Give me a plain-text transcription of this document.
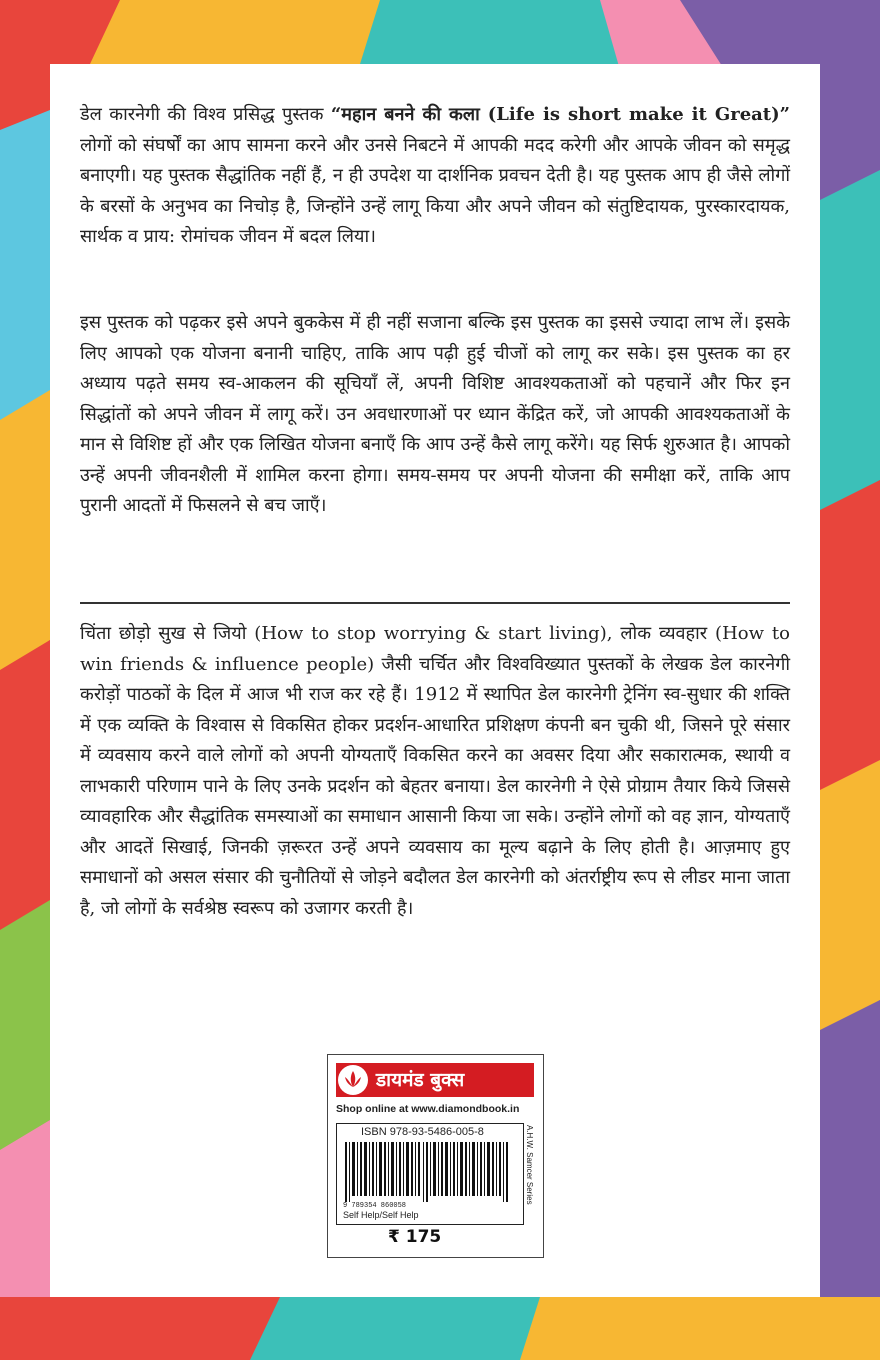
डेल कारनेगी की विश्व प्रसिद्ध पुस्तक “महान बनने की कला (Life is short make it Great)” लोगों को संघर्षों का आप सामना करने और उनसे निबटने में आपकी मदद करेगी और आपके जीवन को समृद्ध बनाएगी। यह पुस्तक सैद्धांतिक नहीं हैं, न ही उपदेश या दार्शनिक प्रवचन देती है। यह पुस्तक आप ही जैसे लोगों के बरसों के अनुभव का निचोड़ है, जिन्होंने उन्हें लागू किया और अपने जीवन को संतुष्टिदायक, पुरस्कारदायक, सार्थक व प्राय: रोमांचक जीवन में बदल लिया।
इस पुस्तक को पढ़कर इसे अपने बुककेस में ही नहीं सजाना बल्कि इस पुस्तक का इससे ज्यादा लाभ लें। इसके लिए आपको एक योजना बनानी चाहिए, ताकि आप पढ़ी हुई चीजों को लागू कर सके। इस पुस्तक का हर अध्याय पढ़ते समय स्व-आकलन की सूचियाँ लें, अपनी विशिष्ट आवश्यकताओं को पहचानें और फिर इन सिद्धांतों को अपने जीवन में लागू करें। उन अवधारणाओं पर ध्यान केंद्रित करें, जो आपकी आवश्यकताओं के मान से विशिष्ट हों और एक लिखित योजना बनाएँ कि आप उन्हें कैसे लागू करेंगे। यह सिर्फ शुरुआत है। आपको उन्हें अपनी जीवनशैली में शामिल करना होगा। समय-समय पर अपनी योजना की समीक्षा करें, ताकि आप पुरानी आदतों में फिसलने से बच जाएँ।
चिंता छोड़ो सुख से जियो (How to stop worrying & start living), लोक व्यवहार (How to win friends & influence people) जैसी चर्चित और विश्वविख्यात पुस्तकों के लेखक डेल कारनेगी करोड़ों पाठकों के दिल में आज भी राज कर रहे हैं। 1912 में स्थापित डेल कारनेगी ट्रेनिंग स्व-सुधार की शक्ति में एक व्यक्ति के विश्वास से विकसित होकर प्रदर्शन-आधारित प्रशिक्षण कंपनी बन चुकी थी, जिसने पूरे संसार में व्यवसाय करने वाले लोगों को अपनी योग्यताएँ विकसित करने का अवसर दिया और सकारात्मक, स्थायी व लाभकारी परिणाम पाने के लिए उनके प्रदर्शन को बेहतर बनाया। डेल कारनेगी ने ऐसे प्रोग्राम तैयार किये जिससे व्यावहारिक और सैद्धांतिक समस्याओं का समाधान आसानी किया जा सके। उन्होंने लोगों को वह ज्ञान, योग्यताएँ और आदतें सिखाई, जिनकी ज़रूरत उन्हें अपने व्यवसाय का मूल्य बढ़ाने के लिए होती है। आज़माए हुए समाधानों को असल संसार की चुनौतियों से जोड़ने बदौलत डेल कारनेगी को अंतर्राष्ट्रीय रूप से लीडर माना जाता है, जो लोगों के सर्वश्रेष्ठ स्वरूप को उजागर करती है।
डायमंड बुक्स
Shop online at www.diamondbook.in
ISBN 978-93-5486-005-8
9 789354 860058
Self Help/Self Help
A.H.W. Samcer Series
₹ 175
